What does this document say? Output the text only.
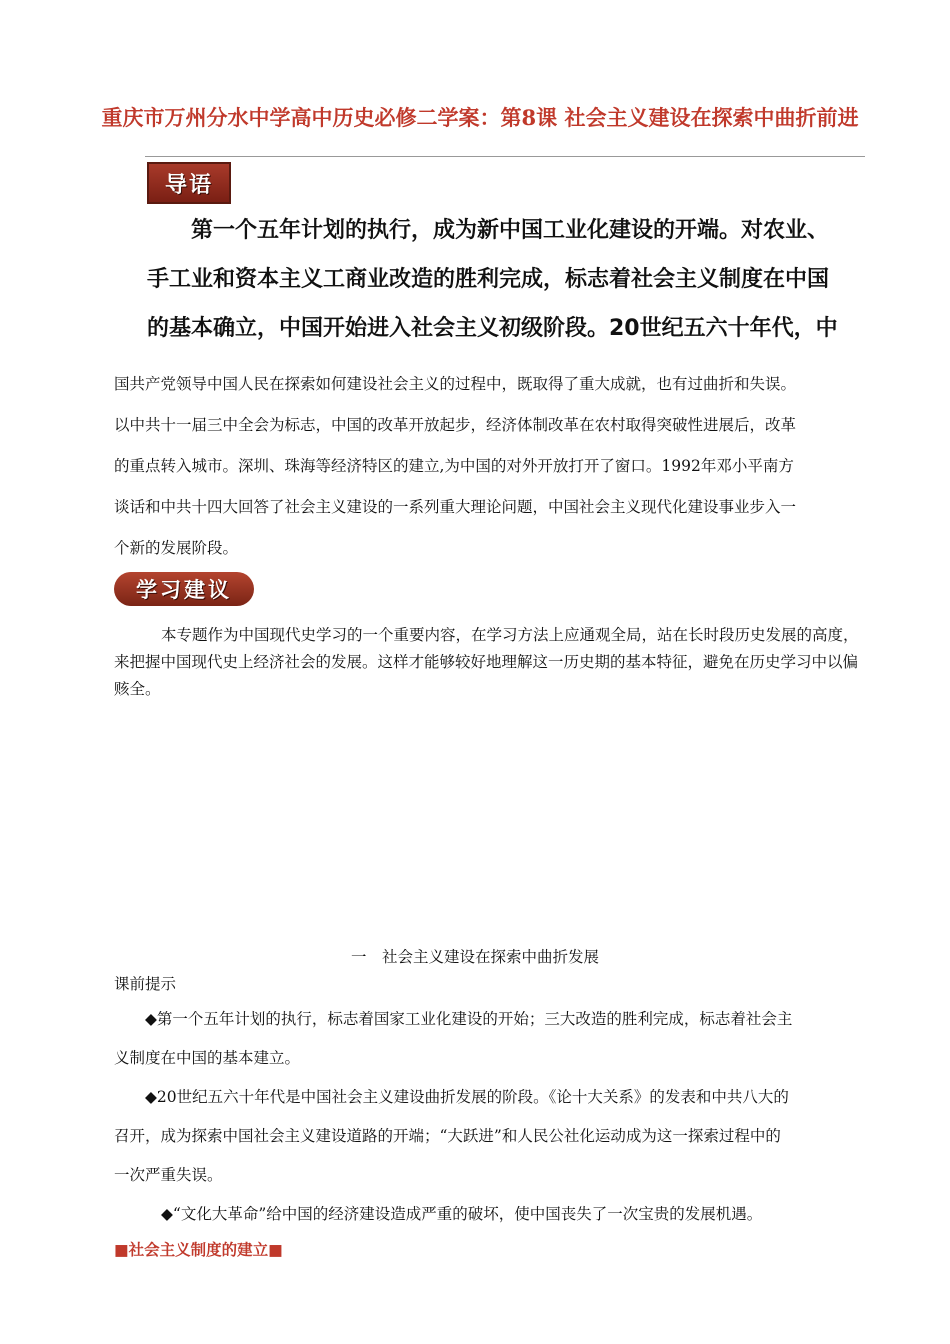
重庆市万州分水中学高中历史必修二学案：第8课 社会主义建设在探索中曲折前进
导语

第一个五年计划的执行，成为新中国工业化建设的开端。对农业、

手工业和资本主义工商业改造的胜利完成，标志着社会主义制度在中国

的基本确立，中国开始进入社会主义初级阶段。20世纪五六十年代，中

国共产党领导中国人民在探索如何建设社会主义的过程中，既取得了重大成就，也有过曲折和失误。

以中共十一届三中全会为标志，中国的改革开放起步，经济体制改革在农村取得突破性进展后，改革

的重点转入城市。深圳、珠海等经济特区的建立,为中国的对外开放打开了窗口。1992年邓小平南方

谈话和中共十四大回答了社会主义建设的一系列重大理论问题，中国社会主义现代化建设事业步入一

个新的发展阶段。

学习建议
本专题作为中国现代史学习的一个重要内容，在学习方法上应通观全局，站在长时段历史发展的高度，来把握中国现代史上经济社会的发展。这样才能够较好地理解这一历史期的基本特征，避免在历史学习中以偏赅全。
一　社会主义建设在探索中曲折发展
课前提示

◆第一个五年计划的执行，标志着国家工业化建设的开始；三大改造的胜利完成，标志着社会主

义制度在中国的基本建立。

◆20世纪五六十年代是中国社会主义建设曲折发展的阶段。《论十大关系》的发表和中共八大的

召开，成为探索中国社会主义建设道路的开端；“大跃进”和人民公社化运动成为这一探索过程中的

一次严重失误。

◆“文化大革命”给中国的经济建设造成严重的破坏，使中国丧失了一次宝贵的发展机遇。

■社会主义制度的建立■
